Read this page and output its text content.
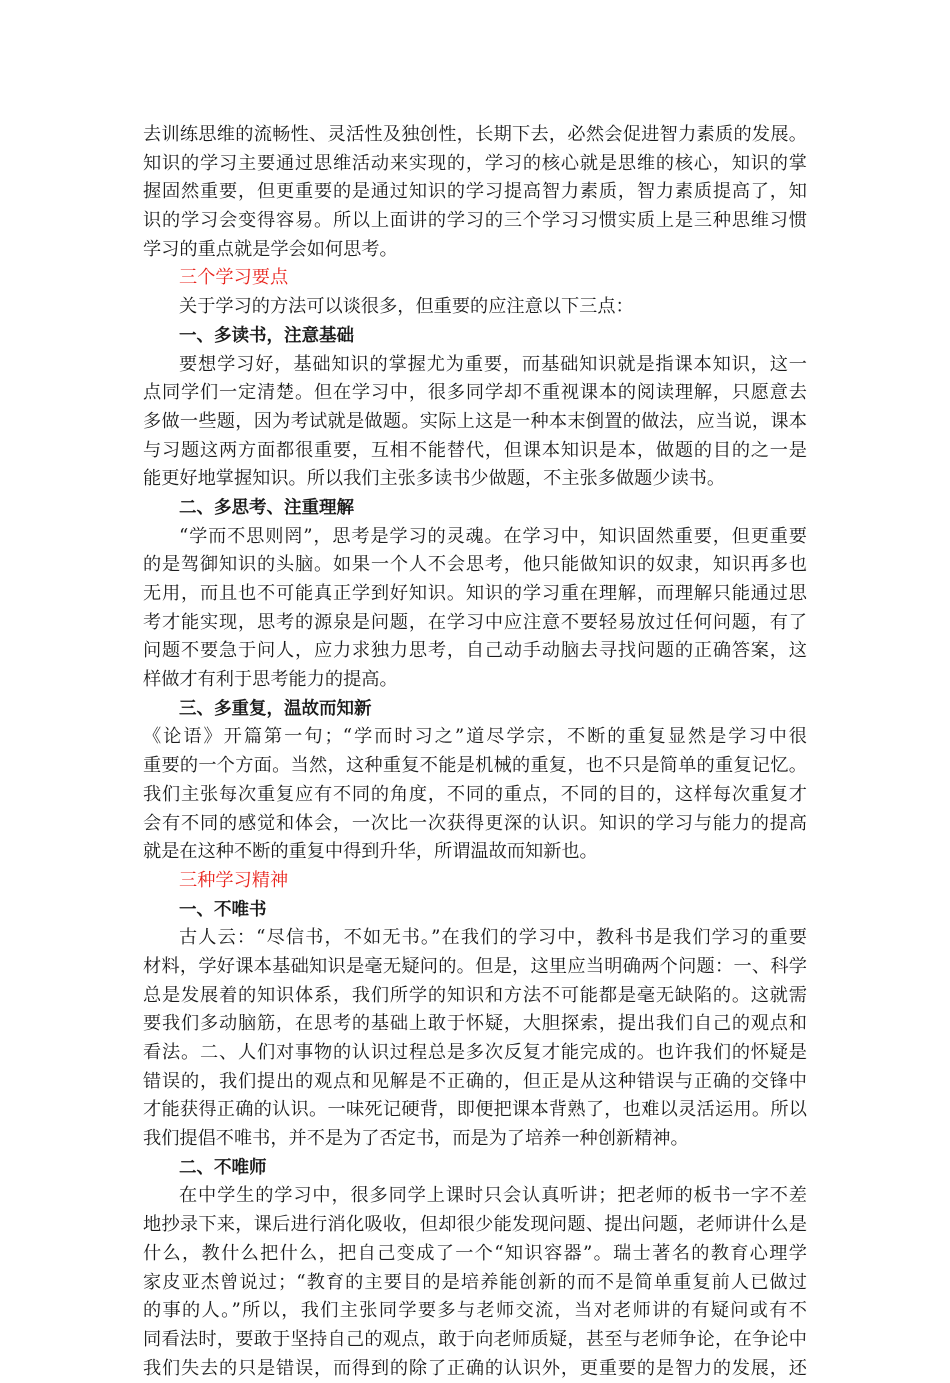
去训练思维的流畅性、灵活性及独创性，长期下去，必然会促进智力素质的发展。
知识的学习主要通过思维活动来实现的，学习的核心就是思维的核心，知识的掌
握固然重要，但更重要的是通过知识的学习提高智力素质，智力素质提高了，知
识的学习会变得容易。所以上面讲的学习的三个学习习惯实质上是三种思维习惯
学习的重点就是学会如何思考。
三个学习要点
关于学习的方法可以谈很多，但重要的应注意以下三点：
一、多读书，注意基础
要想学习好，基础知识的掌握尤为重要，而基础知识就是指课本知识，这一
点同学们一定清楚。但在学习中，很多同学却不重视课本的阅读理解，只愿意去
多做一些题，因为考试就是做题。实际上这是一种本末倒置的做法，应当说，课本
与习题这两方面都很重要，互相不能替代，但课本知识是本，做题的目的之一是
能更好地掌握知识。所以我们主张多读书少做题，不主张多做题少读书。
二、多思考、注重理解
“学而不思则罔”，思考是学习的灵魂。在学习中，知识固然重要，但更重要
的是驾御知识的头脑。如果一个人不会思考，他只能做知识的奴隶，知识再多也
无用，而且也不可能真正学到好知识。知识的学习重在理解，而理解只能通过思
考才能实现，思考的源泉是问题，在学习中应注意不要轻易放过任何问题，有了
问题不要急于问人，应力求独力思考，自己动手动脑去寻找问题的正确答案，这
样做才有利于思考能力的提高。
三、多重复，温故而知新
《论语》开篇第一句；“学而时习之”道尽学宗，不断的重复显然是学习中很
重要的一个方面。当然，这种重复不能是机械的重复，也不只是简单的重复记忆。
我们主张每次重复应有不同的角度，不同的重点，不同的目的，这样每次重复才
会有不同的感觉和体会，一次比一次获得更深的认识。知识的学习与能力的提高
就是在这种不断的重复中得到升华，所谓温故而知新也。
三种学习精神
一、不唯书
古人云：“尽信书，不如无书。”在我们的学习中，教科书是我们学习的重要
材料，学好课本基础知识是毫无疑问的。但是，这里应当明确两个问题：一、科学
总是发展着的知识体系，我们所学的知识和方法不可能都是毫无缺陷的。这就需
要我们多动脑筋，在思考的基础上敢于怀疑，大胆探索，提出我们自己的观点和
看法。二、人们对事物的认识过程总是多次反复才能完成的。也许我们的怀疑是
错误的，我们提出的观点和见解是不正确的，但正是从这种错误与正确的交锋中
才能获得正确的认识。一味死记硬背，即便把课本背熟了，也难以灵活运用。所以
我们提倡不唯书，并不是为了否定书，而是为了培养一种创新精神。
二、不唯师
在中学生的学习中，很多同学上课时只会认真听讲；把老师的板书一字不差
地抄录下来，课后进行消化吸收，但却很少能发现问题、提出问题，老师讲什么是
什么，教什么把什么，把自己变成了一个“知识容器”。瑞士著名的教育心理学
家皮亚杰曾说过；“教育的主要目的是培养能创新的而不是简单重复前人已做过
的事的人。”所以，我们主张同学要多与老师交流，当对老师讲的有疑问或有不
同看法时，要敢于坚持自己的观点，敢于向老师质疑，甚至与老师争论，在争论中
我们失去的只是错误，而得到的除了正确的认识外，更重要的是智力的发展，还
